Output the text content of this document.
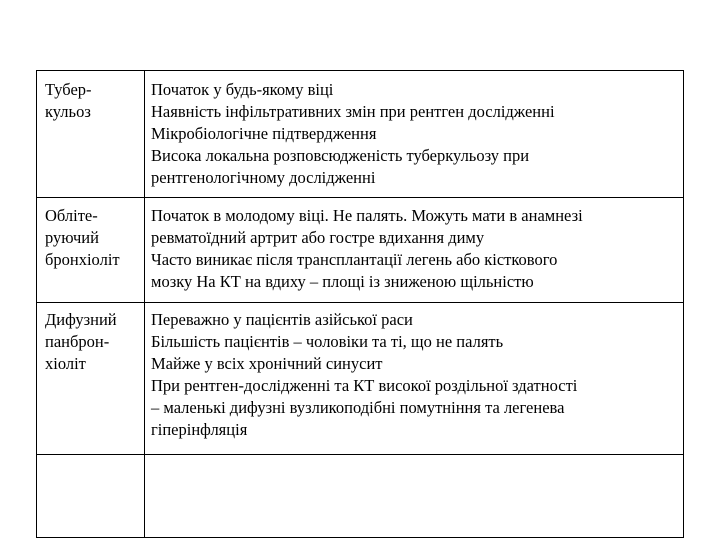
Тубер-
кульоз
Початок у будь-якому віці
Наявність інфільтративних змін при рентген дослідженні
Мікробіологічне підтвердження
Висока локальна розповсюдженість туберкульозу при
рентгенологічному дослідженні
Облітe-
руючий
бронхіоліт
Початок в молодому віці. Не палять. Можуть мати в анамнезі
ревматоїдний артрит або гостре вдихання диму
Часто виникає після трансплантації легень або кісткового
мозку На КТ на вдиху – площі із зниженою щільністю
Дифузний
панброн-
хіоліт
Переважно у пацієнтів азійської раси
Більшість пацієнтів – чоловіки та ті, що не палять
Майже у всіх хронічний синусит
При рентген-дослідженні та КТ високої роздільної здатності
– маленькі дифузні вузликоподібні помутніння та легенева
гіперінфляція
